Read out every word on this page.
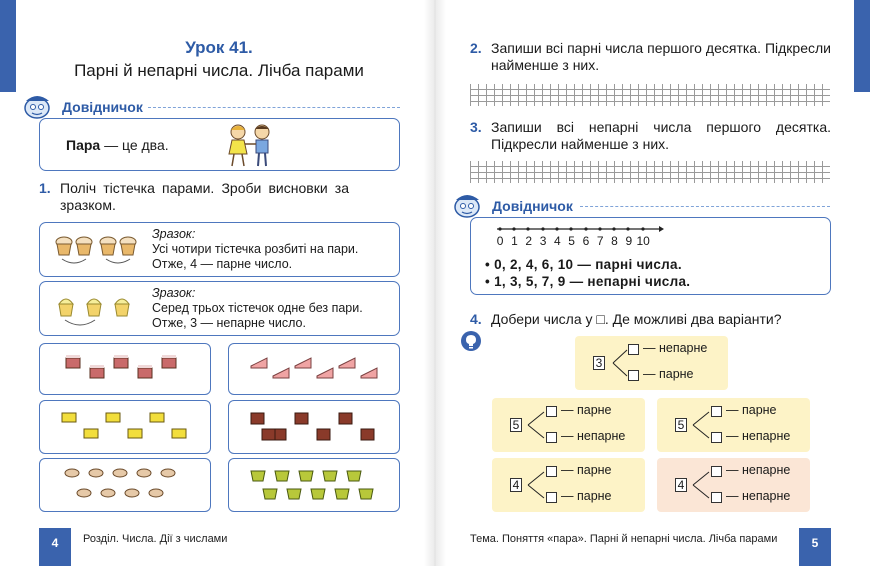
Урок 41.
Парні й непарні числа. Лічба парами
Довідничок
Пара — це два.
1. Поліч тістечка парами. Зроби висновки за зразком.
Зразок:
Усі чотири тістечка розбиті на пари.
Отже, 4 — парне число.
Зразок:
Серед трьох тістечок одне без пари.
Отже, 3 — непарне число.
4	Розділ. Числа. Дії з числами
2. Запиши всі парні числа першого десятка. Підкресли найменше з них.
3. Запиши всі непарні числа першого десятка. Підкресли найменше з них.
Довідничок
0 1 2 3 4 5 6 7 8 9 10
• 0, 2, 4, 6, 10 — парні числа.
• 1, 3, 5, 7, 9 — непарні числа.
4. Добери числа у □. Де можливі два варіанти?
3
— непарне
— парне
5
— парне
— непарне
5
— парне
— непарне
4
— парне
— парне
4
— непарне
— непарне
Тема. Поняття «пара». Парні й непарні числа. Лічба парами	5
